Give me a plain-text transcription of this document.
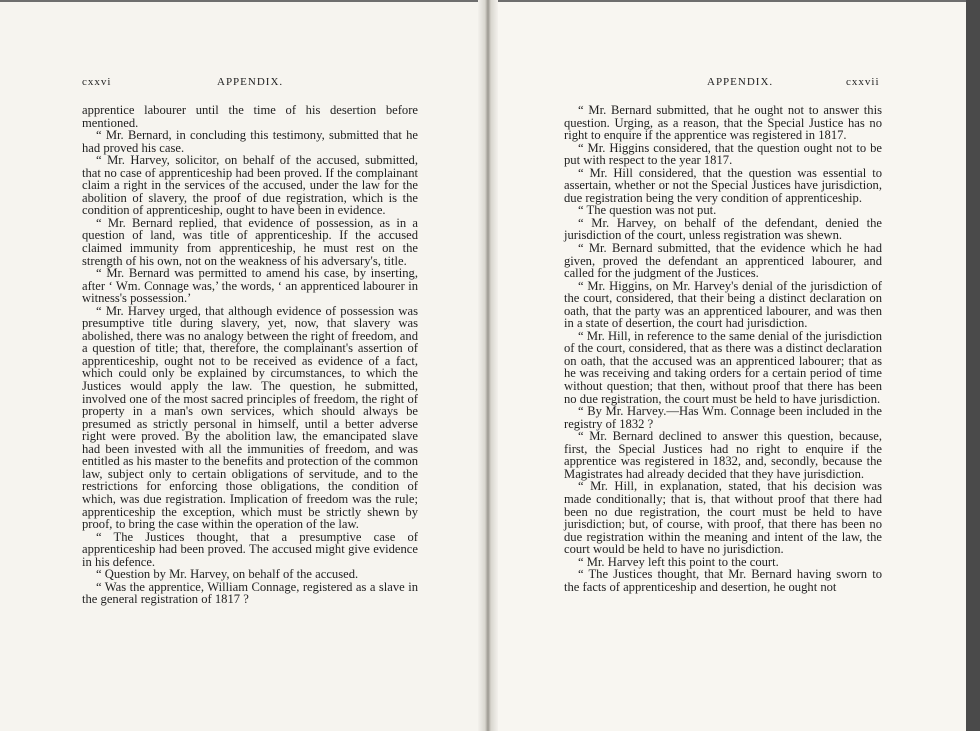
cxxvi	APPENDIX.

apprentice labourer until the time of his desertion before mentioned.

“ Mr. Bernard, in concluding this testimony, submitted that he had proved his case.

“ Mr. Harvey, solicitor, on behalf of the accused, submitted, that no case of apprenticeship had been proved. If the complainant claim a right in the services of the accused, under the law for the abolition of slavery, the proof of due registration, which is the condition of apprenticeship, ought to have been in evidence.

“ Mr. Bernard replied, that evidence of possession, as in a question of land, was title of apprenticeship. If the accused claimed immunity from apprenticeship, he must rest on the strength of his own, not on the weakness of his adversary's, title.

“ Mr. Bernard was permitted to amend his case, by inserting, after ‘ Wm. Connage was,’ the words, ‘ an apprenticed labourer in witness's possession.’

“ Mr. Harvey urged, that although evidence of possession was presumptive title during slavery, yet, now, that slavery was abolished, there was no analogy between the right of freedom, and a question of title; that, therefore, the complainant's assertion of apprenticeship, ought not to be received as evidence of a fact, which could only be explained by circumstances, to which the Justices would apply the law. The question, he submitted, involved one of the most sacred principles of freedom, the right of property in a man's own services, which should always be presumed as strictly personal in himself, until a better adverse right were proved. By the abolition law, the emancipated slave had been invested with all the immunities of freedom, and was entitled as his master to the benefits and protection of the common law, subject only to certain obligations of servitude, and to the restrictions for enforcing those obligations, the condition of which, was due registration. Implication of freedom was the rule; apprenticeship the exception, which must be strictly shewn by proof, to bring the case within the operation of the law.

“ The Justices thought, that a presumptive case of apprenticeship had been proved. The accused might give evidence in his defence.

“ Question by Mr. Harvey, on behalf of the accused.

“ Was the apprentice, William Connage, registered as a slave in the general registration of 1817 ?

APPENDIX.	cxxvii

“ Mr. Bernard submitted, that he ought not to answer this question. Urging, as a reason, that the Special Justice has no right to enquire if the apprentice was registered in 1817.

“ Mr. Higgins considered, that the question ought not to be put with respect to the year 1817.

“ Mr. Hill considered, that the question was essential to assertain, whether or not the Special Justices have jurisdiction, due registration being the very condition of apprenticeship.

“ The question was not put.

“ Mr. Harvey, on behalf of the defendant, denied the jurisdiction of the court, unless registration was shewn.

“ Mr. Bernard submitted, that the evidence which he had given, proved the defendant an apprenticed labourer, and called for the judgment of the Justices.

“ Mr. Higgins, on Mr. Harvey's denial of the jurisdiction of the court, considered, that their being a distinct declaration on oath, that the party was an apprenticed labourer, and was then in a state of desertion, the court had jurisdiction.

“ Mr. Hill, in reference to the same denial of the jurisdiction of the court, considered, that as there was a distinct declaration on oath, that the accused was an apprenticed labourer; that as he was receiving and taking orders for a certain period of time without question; that then, without proof that there has been no due registration, the court must be held to have jurisdiction.

“ By Mr. Harvey.—Has Wm. Connage been included in the registry of 1832 ?

“ Mr. Bernard declined to answer this question, because, first, the Special Justices had no right to enquire if the apprentice was registered in 1832, and, secondly, because the Magistrates had already decided that they have jurisdiction.

“ Mr. Hill, in explanation, stated, that his decision was made conditionally; that is, that without proof that there had been no due registration, the court must be held to have jurisdiction; but, of course, with proof, that there has been no due registration within the meaning and intent of the law, the court would be held to have no jurisdiction.

“ Mr. Harvey left this point to the court.

“ The Justices thought, that Mr. Bernard having sworn to the facts of apprenticeship and desertion, he ought not
